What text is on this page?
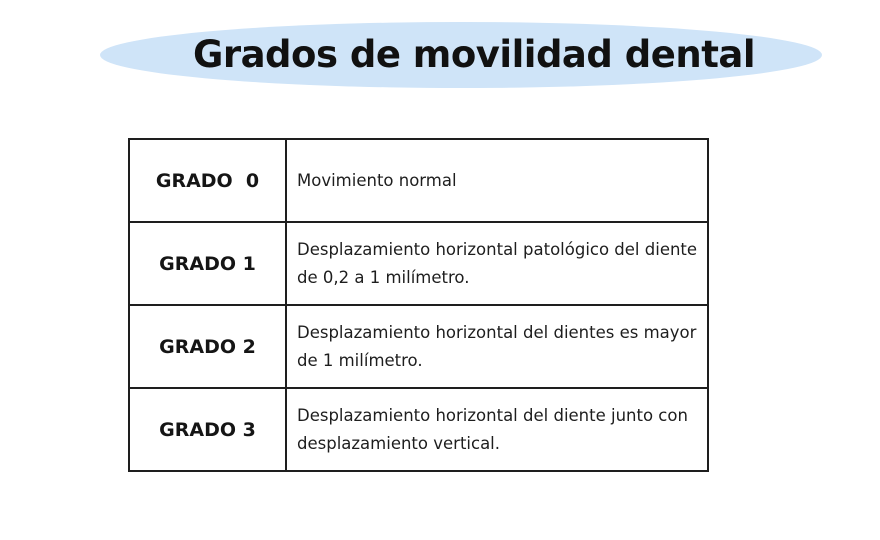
Grados de movilidad dental
GRADO  0	Movimiento normal
GRADO 1	Desplazamiento horizontal patológico del diente de 0,2 a 1 milímetro.
GRADO 2	Desplazamiento horizontal del dientes es mayor de 1 milímetro.
GRADO 3	Desplazamiento horizontal del diente junto con desplazamiento vertical.
